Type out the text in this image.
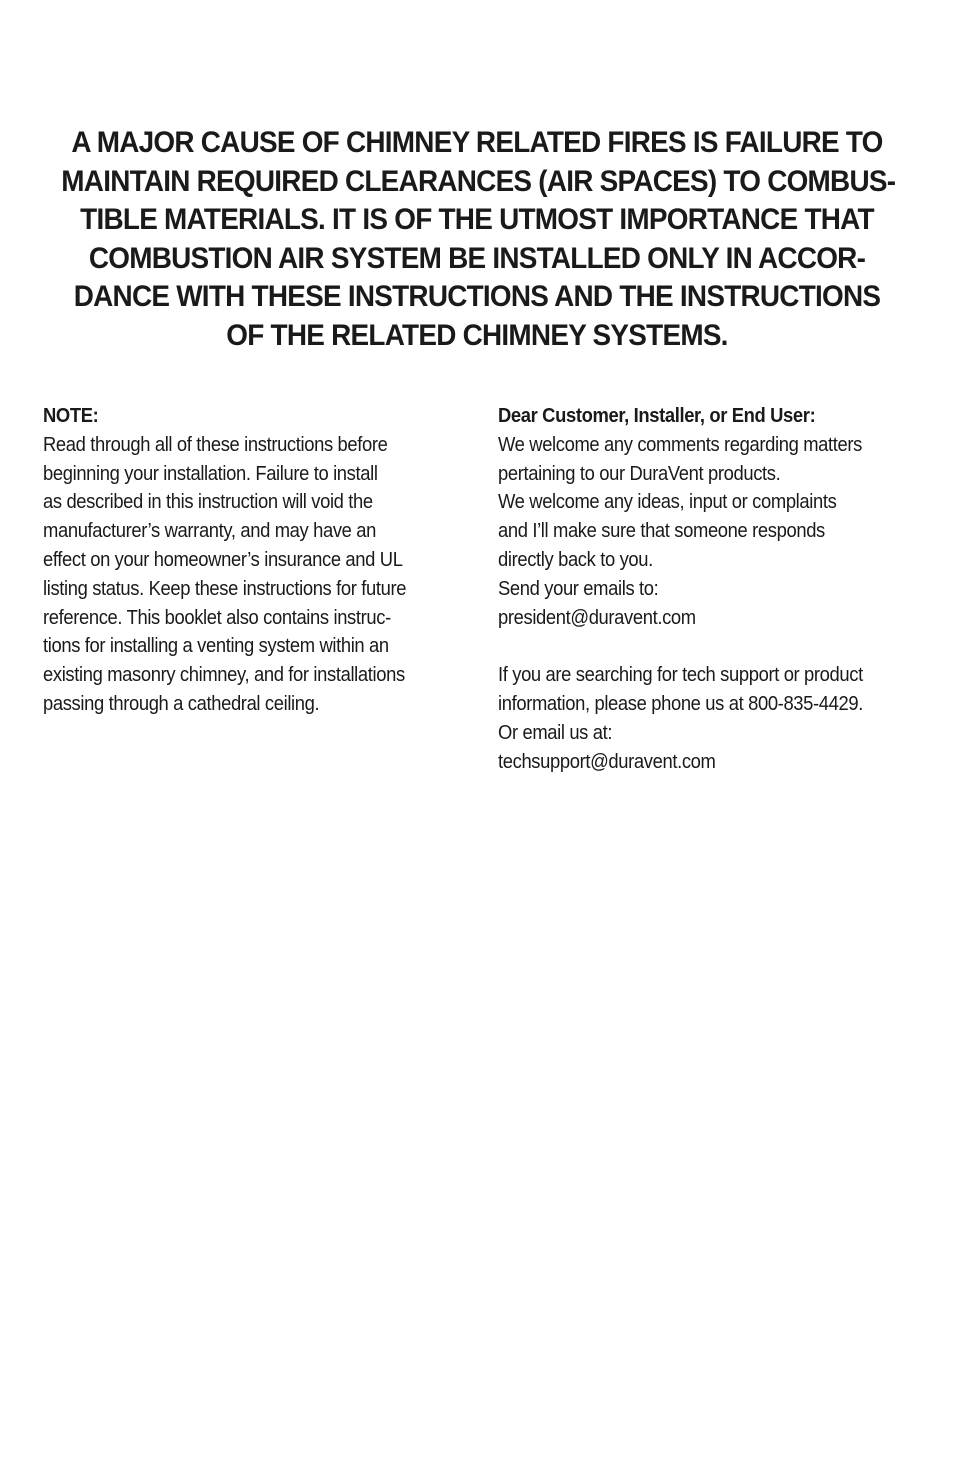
A MAJOR CAUSE OF CHIMNEY RELATED FIRES IS FAILURE TO
MAINTAIN REQUIRED CLEARANCES (AIR SPACES) TO COMBUS-
TIBLE MATERIALS. IT IS OF THE UTMOST IMPORTANCE THAT
COMBUSTION AIR SYSTEM BE INSTALLED ONLY IN ACCOR-
DANCE WITH THESE INSTRUCTIONS AND THE INSTRUCTIONS
OF THE RELATED CHIMNEY SYSTEMS.
NOTE:
Read through all of these instructions before
beginning your installation. Failure to install
as described in this instruction will void the
manufacturer’s warranty, and may have an
effect on your homeowner’s insurance and UL
listing status. Keep these instructions for future
reference. This booklet also contains instruc-
tions for installing a venting system within an
existing masonry chimney, and for installations
passing through a cathedral ceiling.
Dear Customer, Installer, or End User:
We welcome any comments regarding matters
pertaining to our DuraVent products.
We welcome any ideas, input or complaints
and I’ll make sure that someone responds
directly back to you.
Send your emails to:
president@duravent.com
If you are searching for tech support or product
information, please phone us at 800-835-4429.
Or email us at:
techsupport@duravent.com
